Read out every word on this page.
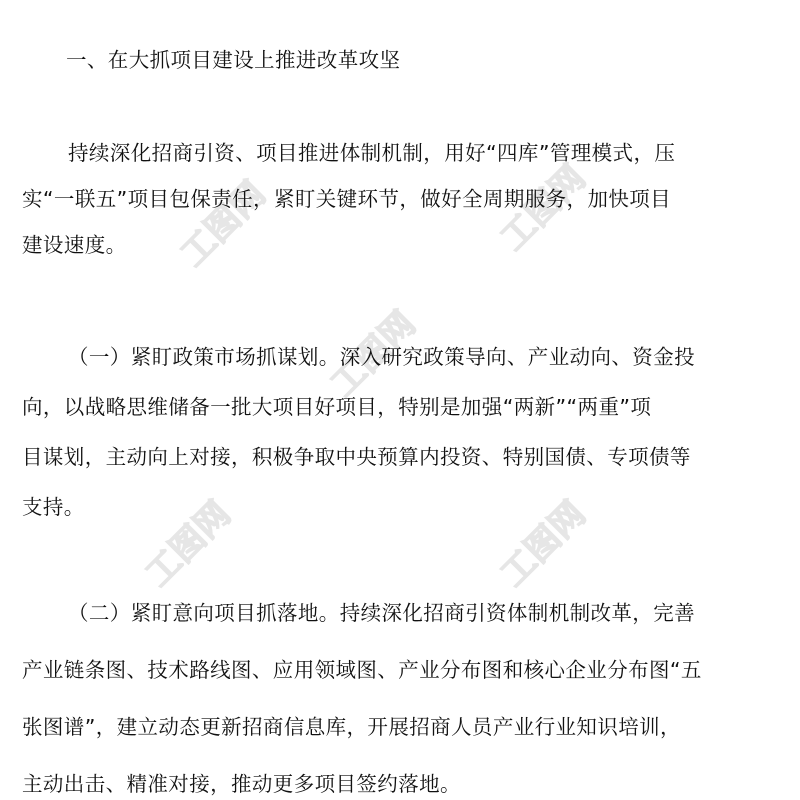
工图网	工图网
工图网
工图网	工图网
一、在大抓项目建设上推进改革攻坚
持续深化招商引资、项目推进体制机制，用好“四库”管理模式，压
实“一联五”项目包保责任，紧盯关键环节，做好全周期服务，加快项目
建设速度。
（一）紧盯政策市场抓谋划。深入研究政策导向、产业动向、资金投
向，以战略思维储备一批大项目好项目，特别是加强“两新”“两重”项
目谋划，主动向上对接，积极争取中央预算内投资、特别国债、专项债等
支持。
（二）紧盯意向项目抓落地。持续深化招商引资体制机制改革，完善
产业链条图、技术路线图、应用领域图、产业分布图和核心企业分布图“五
张图谱”，建立动态更新招商信息库，开展招商人员产业行业知识培训，
主动出击、精准对接，推动更多项目签约落地。
